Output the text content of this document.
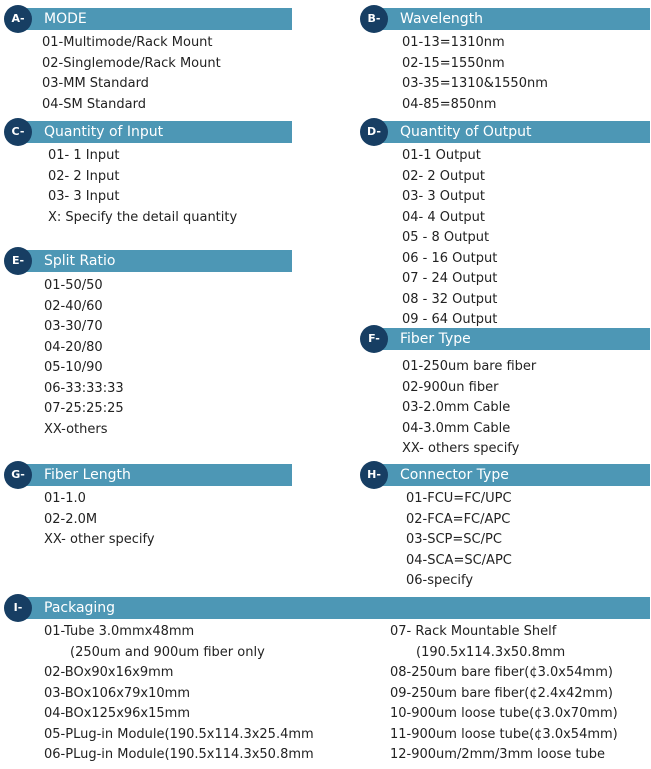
A-	MODE
01-Multimode/Rack Mount
02-Singlemode/Rack Mount
03-MM Standard
04-SM Standard
B-	Wavelength
01-13=1310nm
02-15=1550nm
03-35=1310&1550nm
04-85=850nm
C-	Quantity of Input
01- 1 Input
02- 2 Input
03- 3 Input
X: Specify the detail quantity
D-	Quantity of Output
01-1 Output
02- 2 Output
03- 3 Output
04- 4 Output
05 - 8 Output
06 - 16 Output
07 - 24 Output
08 - 32 Output
09 - 64 Output
E-	Split Ratio
01-50/50
02-40/60
03-30/70
04-20/80
05-10/90
06-33:33:33
07-25:25:25
XX-others
F-	Fiber Type
01-250um bare fiber
02-900un fiber
03-2.0mm Cable
04-3.0mm Cable
XX- others specify
G-	Fiber Length
01-1.0
02-2.0M
XX- other specify
H-	Connector Type
01-FCU=FC/UPC
02-FCA=FC/APC
03-SCP=SC/PC
04-SCA=SC/APC
06-specify
I-	Packaging
01-Tube 3.0mmx48mm
(250um and 900um fiber only
02-BOx90x16x9mm
03-BOx106x79x10mm
04-BOx125x96x15mm
05-PLug-in Module(190.5x114.3x25.4mm
06-PLug-in Module(190.5x114.3x50.8mm
07- Rack Mountable Shelf
(190.5x114.3x50.8mm
08-250um bare fiber(¢3.0x54mm)
09-250um bare fiber(¢2.4x42mm)
10-900um loose tube(¢3.0x70mm)
11-900um loose tube(¢3.0x54mm)
12-900um/2mm/3mm loose tube
